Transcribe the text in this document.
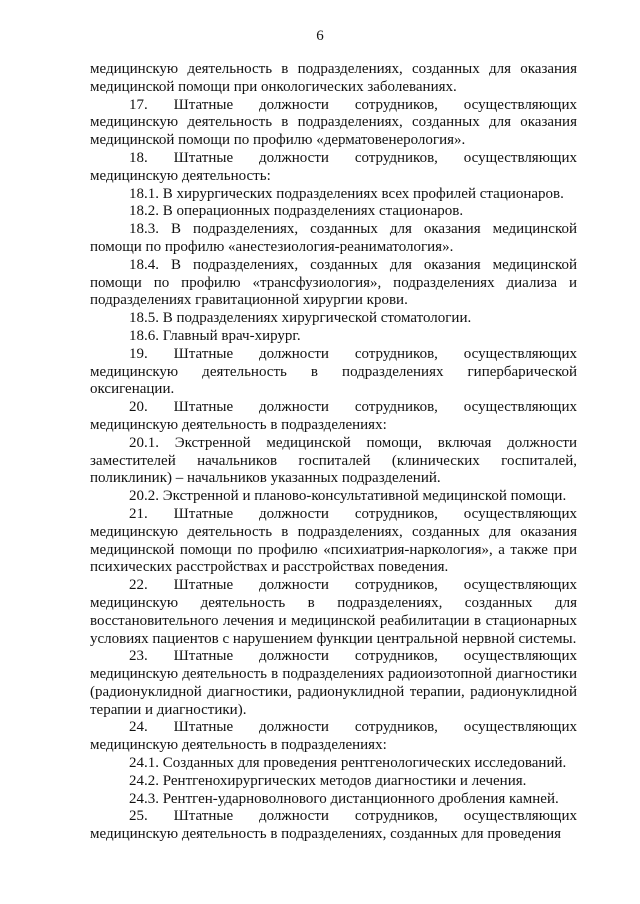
6

медицинскую деятельность в подразделениях, созданных для оказания медицинской помощи при онкологических заболеваниях.

17. Штатные должности сотрудников, осуществляющих медицинскую деятельность в подразделениях, созданных для оказания медицинской помощи по профилю «дерматовенерология».

18. Штатные должности сотрудников, осуществляющих медицинскую деятельность:

18.1. В хирургических подразделениях всех профилей стационаров.

18.2. В операционных подразделениях стационаров.

18.3. В подразделениях, созданных для оказания медицинской помощи по профилю «анестезиология-реаниматология».

18.4. В подразделениях, созданных для оказания медицинской помощи по профилю «трансфузиология», подразделениях диализа и подразделениях гравитационной хирургии крови.

18.5. В подразделениях хирургической стоматологии.

18.6. Главный врач-хирург.

19. Штатные должности сотрудников, осуществляющих медицинскую деятельность в подразделениях гипербарической оксигенации.

20. Штатные должности сотрудников, осуществляющих медицинскую деятельность в подразделениях:

20.1. Экстренной медицинской помощи, включая должности заместителей начальников госпиталей (клинических госпиталей, поликлиник) – начальников указанных подразделений.

20.2. Экстренной и планово-консультативной медицинской помощи.

21. Штатные должности сотрудников, осуществляющих медицинскую деятельность в подразделениях, созданных для оказания медицинской помощи по профилю «психиатрия-наркология», а также при психических расстройствах и расстройствах поведения.

22. Штатные должности сотрудников, осуществляющих медицинскую деятельность в подразделениях, созданных для восстановительного лечения и медицинской реабилитации в стационарных условиях пациентов с нарушением функции центральной нервной системы.

23. Штатные должности сотрудников, осуществляющих медицинскую деятельность в подразделениях радиоизотопной диагностики (радионуклидной диагностики, радионуклидной терапии, радионуклидной терапии и диагностики).

24. Штатные должности сотрудников, осуществляющих медицинскую деятельность в подразделениях:

24.1. Созданных для проведения рентгенологических исследований.

24.2. Рентгенохирургических методов диагностики и лечения.

24.3. Рентген-ударноволнового дистанционного дробления камней.

25. Штатные должности сотрудников, осуществляющих медицинскую деятельность в подразделениях, созданных для проведения
